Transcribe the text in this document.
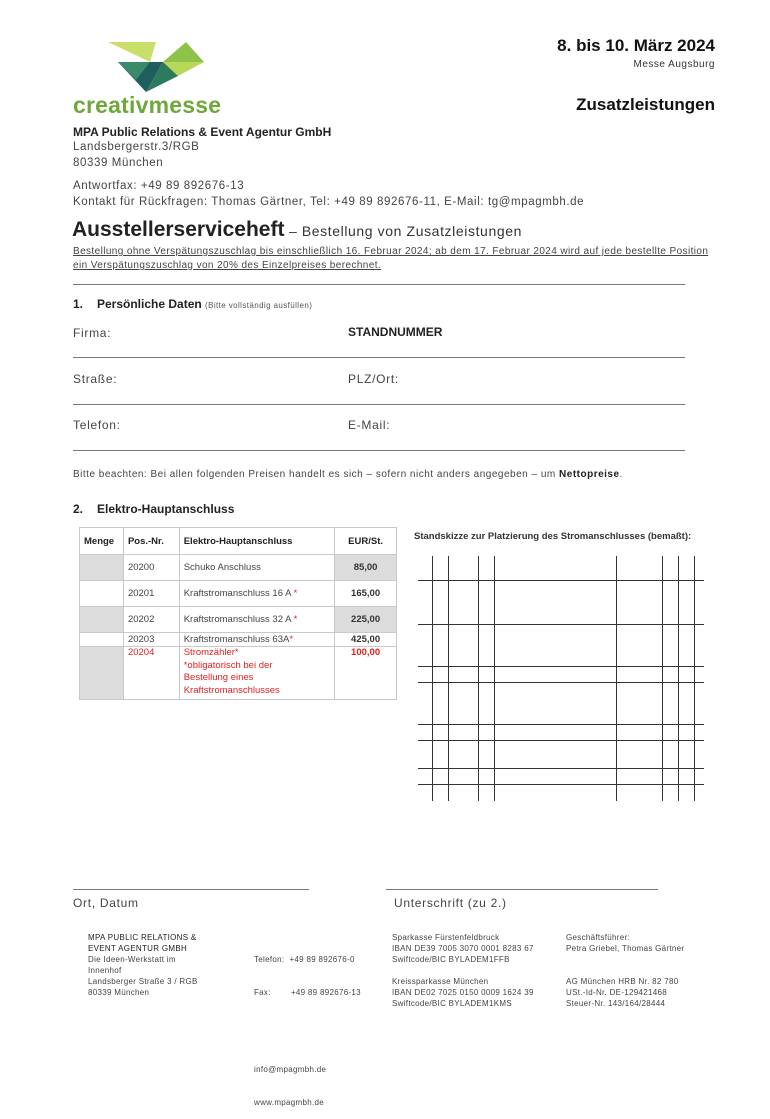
creativmesse
8. bis 10. März 2024
Messe Augsburg
Zusatzleistungen
MPA Public Relations & Event Agentur GmbH
Landsbergerstr.3/RGB
80339 München
Antwortfax: +49 89 892676-13
Kontakt für Rückfragen: Thomas Gärtner, Tel: +49 89 892676-11, E-Mail: tg@mpagmbh.de
Ausstellerserviceheft – Bestellung von Zusatzleistungen
Bestellung ohne Verspätungszuschlag bis einschließlich 16. Februar 2024; ab dem 17. Februar 2024 wird auf jede bestellte Position ein Verspätungszuschlag von 20% des Einzelpreises berechnet.
1. Persönliche Daten (Bitte vollständig ausfüllen)
Firma:	STANDNUMMER
Straße:	PLZ/Ort:
Telefon:	E-Mail:
Bitte beachten: Bei allen folgenden Preisen handelt es sich – sofern nicht anders angegeben – um Nettopreise.
2. Elektro-Hauptanschluss
Menge	Pos.-Nr.	Elektro-Hauptanschluss	EUR/St.
	20200	Schuko Anschluss	85,00
	20201	Kraftstromanschluss 16 A *	165,00
	20202	Kraftstromanschluss 32 A *	225,00
	20203	Kraftstromanschluss 63A*	425,00
	20204	Stromzähler*
*obligatorisch bei der
Bestellung eines
Kraftstromanschlusses	100,00
Standskizze zur Platzierung des Stromanschlusses (bemaßt):
Ort, Datum	Unterschrift (zu 2.)
MPA PUBLIC RELATIONS &
EVENT AGENTUR GMBH
Die Ideen-Werkstatt im
Innenhof
Landsberger Straße 3 / RGB
80339 München

Telefon:  +49 89 892676-0

Fax:        +49 89 892676-13

info@mpagmbh.de

www.mpagmbh.de

Sparkasse Fürstenfeldbruck
IBAN DE39 7005 3070 0001 8283 67
Swiftcode/BIC BYLADEM1FFB
Kreissparkasse München
IBAN DE02 7025 0150 0009 1624 39
Swiftcode/BIC BYLADEM1KMS
Geschäftsführer:
Petra Griebel, Thomas Gärtner
AG München HRB Nr. 82 780
USt.-Id-Nr. DE-129421468
Steuer-Nr. 143/164/28444
